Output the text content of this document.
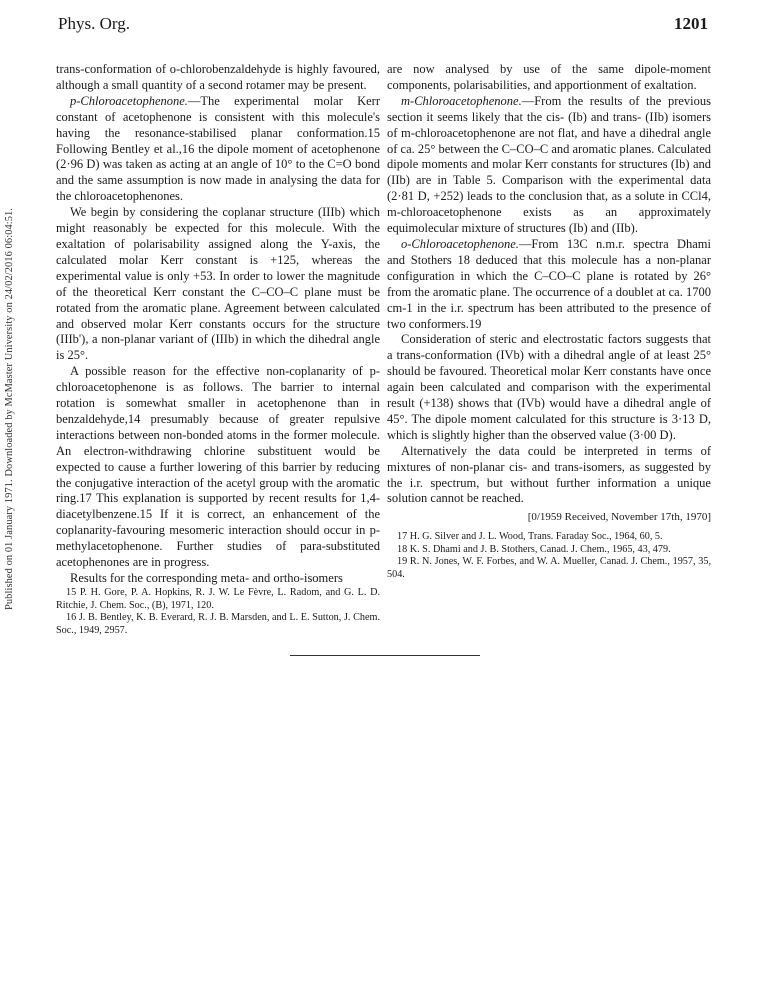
Published on 01 January 1971. Downloaded by McMaster University on 24/02/2016 06:04:51.
Phys. Org.	1201

trans-conformation of o-chlorobenzaldehyde is highly favoured, although a small quantity of a second rotamer may be present.

p-Chloroacetophenone.—The experimental molar Kerr constant of acetophenone is consistent with this molecule's having the resonance-stabilised planar conformation.15 Following Bentley et al.,16 the dipole moment of acetophenone (2·96 D) was taken as acting at an angle of 10° to the C=O bond and the same assumption is now made in analysing the data for the chloroacetophenones.

We begin by considering the coplanar structure (IIIb) which might reasonably be expected for this molecule. With the exaltation of polarisability assigned along the Y-axis, the calculated molar Kerr constant is +125, whereas the experimental value is only +53. In order to lower the magnitude of the theoretical Kerr constant the C–CO–C plane must be rotated from the aromatic plane. Agreement between calculated and observed molar Kerr constants occurs for the structure (IIIb'), a non-planar variant of (IIIb) in which the dihedral angle is 25°.

A possible reason for the effective non-coplanarity of p-chloroacetophenone is as follows. The barrier to internal rotation is somewhat smaller in acetophenone than in benzaldehyde,14 presumably because of greater repulsive interactions between non-bonded atoms in the former molecule. An electron-withdrawing chlorine substituent would be expected to cause a further lowering of this barrier by reducing the conjugative interaction of the acetyl group with the aromatic ring.17 This explanation is supported by recent results for 1,4-diacetylbenzene.15 If it is correct, an enhancement of the coplanarity-favouring mesomeric interaction should occur in p-methylacetophenone. Further studies of para-substituted acetophenones are in progress.

Results for the corresponding meta- and ortho-isomers

15 P. H. Gore, P. A. Hopkins, R. J. W. Le Fèvre, L. Radom, and G. L. D. Ritchie, J. Chem. Soc., (B), 1971, 120.

16 J. B. Bentley, K. B. Everard, R. J. B. Marsden, and L. E. Sutton, J. Chem. Soc., 1949, 2957.

are now analysed by use of the same dipole-moment components, polarisabilities, and apportionment of exaltation.

m-Chloroacetophenone.—From the results of the previous section it seems likely that the cis- (Ib) and trans- (IIb) isomers of m-chloroacetophenone are not flat, and have a dihedral angle of ca. 25° between the C–CO–C and aromatic planes. Calculated dipole moments and molar Kerr constants for structures (Ib) and (IIb) are in Table 5. Comparison with the experimental data (2·81 D, +252) leads to the conclusion that, as a solute in CCl4, m-chloroacetophenone exists as an approximately equimolecular mixture of structures (Ib) and (IIb).

o-Chloroacetophenone.—From 13C n.m.r. spectra Dhami and Stothers 18 deduced that this molecule has a non-planar configuration in which the C–CO–C plane is rotated by 26° from the aromatic plane. The occurrence of a doublet at ca. 1700 cm-1 in the i.r. spectrum has been attributed to the presence of two conformers.19

Consideration of steric and electrostatic factors suggests that a trans-conformation (IVb) with a dihedral angle of at least 25° should be favoured. Theoretical molar Kerr constants have once again been calculated and comparison with the experimental result (+138) shows that (IVb) would have a dihedral angle of 45°. The dipole moment calculated for this structure is 3·13 D, which is slightly higher than the observed value (3·00 D).

Alternatively the data could be interpreted in terms of mixtures of non-planar cis- and trans-isomers, as suggested by the i.r. spectrum, but without further information a unique solution cannot be reached.

[0/1959 Received, November 17th, 1970]

17 H. G. Silver and J. L. Wood, Trans. Faraday Soc., 1964, 60, 5.

18 K. S. Dhami and J. B. Stothers, Canad. J. Chem., 1965, 43, 479.

19 R. N. Jones, W. F. Forbes, and W. A. Mueller, Canad. J. Chem., 1957, 35, 504.
